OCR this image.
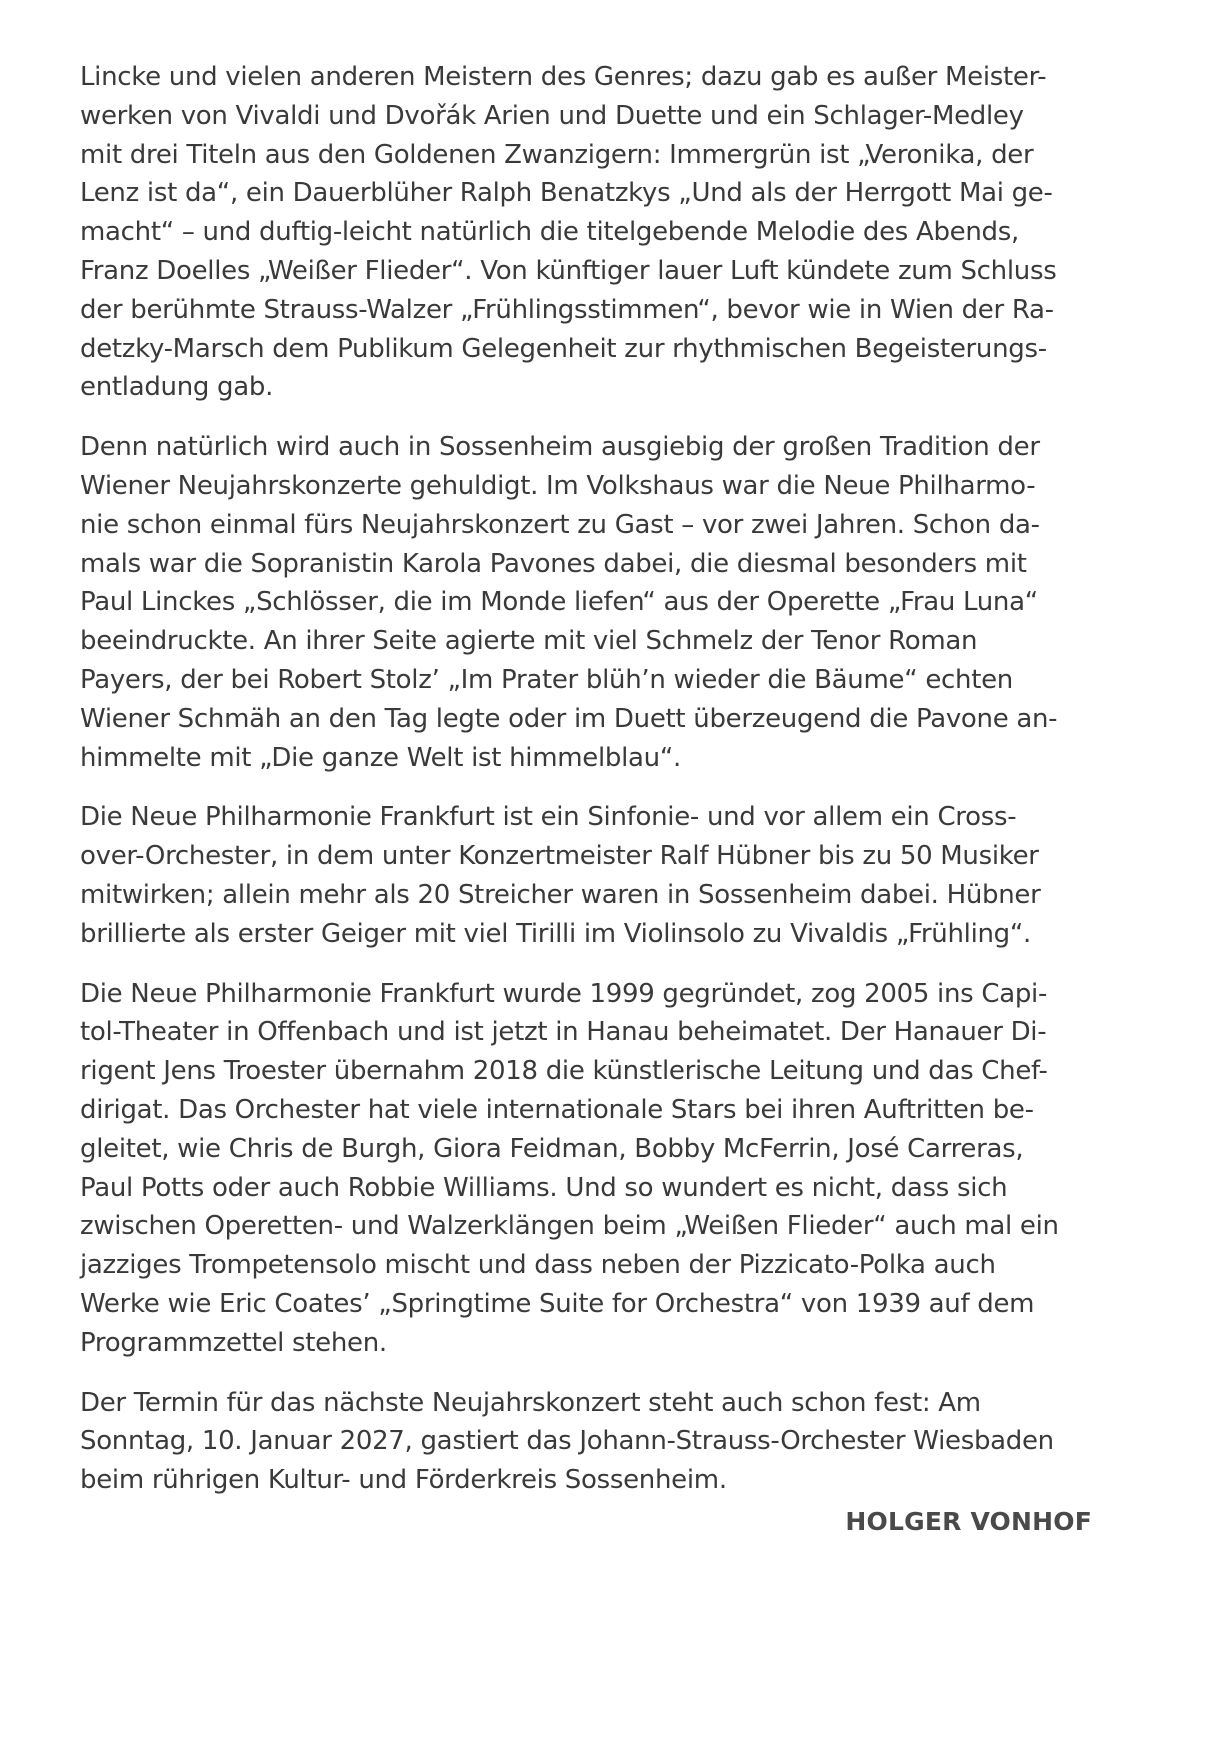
Lincke und vielen anderen Meistern des Genres; dazu gab es außer Meister-
werken von Vivaldi und Dvořák Arien und Duette und ein Schlager-Medley
mit drei Titeln aus den Goldenen Zwanzigern: Immergrün ist „Veronika, der
Lenz ist da“, ein Dauerblüher Ralph Benatzkys „Und als der Herrgott Mai ge-
macht“ – und duftig-leicht natürlich die titelgebende Melodie des Abends,
Franz Doelles „Weißer Flieder“. Von künftiger lauer Luft kündete zum Schluss
der berühmte Strauss-Walzer „Frühlingsstimmen“, bevor wie in Wien der Ra-
detzky-Marsch dem Publikum Gelegenheit zur rhythmischen Begeisterungs-
entladung gab.

Denn natürlich wird auch in Sossenheim ausgiebig der großen Tradition der
Wiener Neujahrskonzerte gehuldigt. Im Volkshaus war die Neue Philharmo-
nie schon einmal fürs Neujahrskonzert zu Gast – vor zwei Jahren. Schon da-
mals war die Sopranistin Karola Pavones dabei, die diesmal besonders mit
Paul Linckes „Schlösser, die im Monde liefen“ aus der Operette „Frau Luna“
beeindruckte. An ihrer Seite agierte mit viel Schmelz der Tenor Roman
Payers, der bei Robert Stolz’ „Im Prater blüh’n wieder die Bäume“ echten
Wiener Schmäh an den Tag legte oder im Duett überzeugend die Pavone an-
himmelte mit „Die ganze Welt ist himmelblau“.

Die Neue Philharmonie Frankfurt ist ein Sinfonie- und vor allem ein Cross-
over-Orchester, in dem unter Konzertmeister Ralf Hübner bis zu 50 Musiker
mitwirken; allein mehr als 20 Streicher waren in Sossenheim dabei. Hübner
brillierte als erster Geiger mit viel Tirilli im Violinsolo zu Vivaldis „Frühling“.

Die Neue Philharmonie Frankfurt wurde 1999 gegründet, zog 2005 ins Capi-
tol-Theater in Offenbach und ist jetzt in Hanau beheimatet. Der Hanauer Di-
rigent Jens Troester übernahm 2018 die künstlerische Leitung und das Chef-
dirigat. Das Orchester hat viele internationale Stars bei ihren Auftritten be-
gleitet, wie Chris de Burgh, Giora Feidman, Bobby McFerrin, José Carreras,
Paul Potts oder auch Robbie Williams. Und so wundert es nicht, dass sich
zwischen Operetten- und Walzerklängen beim „Weißen Flieder“ auch mal ein
jazziges Trompetensolo mischt und dass neben der Pizzicato-Polka auch
Werke wie Eric Coates’ „Springtime Suite for Orchestra“ von 1939 auf dem
Programmzettel stehen.

Der Termin für das nächste Neujahrskonzert steht auch schon fest: Am
Sonntag, 10. Januar 2027, gastiert das Johann-Strauss-Orchester Wiesbaden
beim rührigen Kultur- und Förderkreis Sossenheim.

HOLGER VONHOF
